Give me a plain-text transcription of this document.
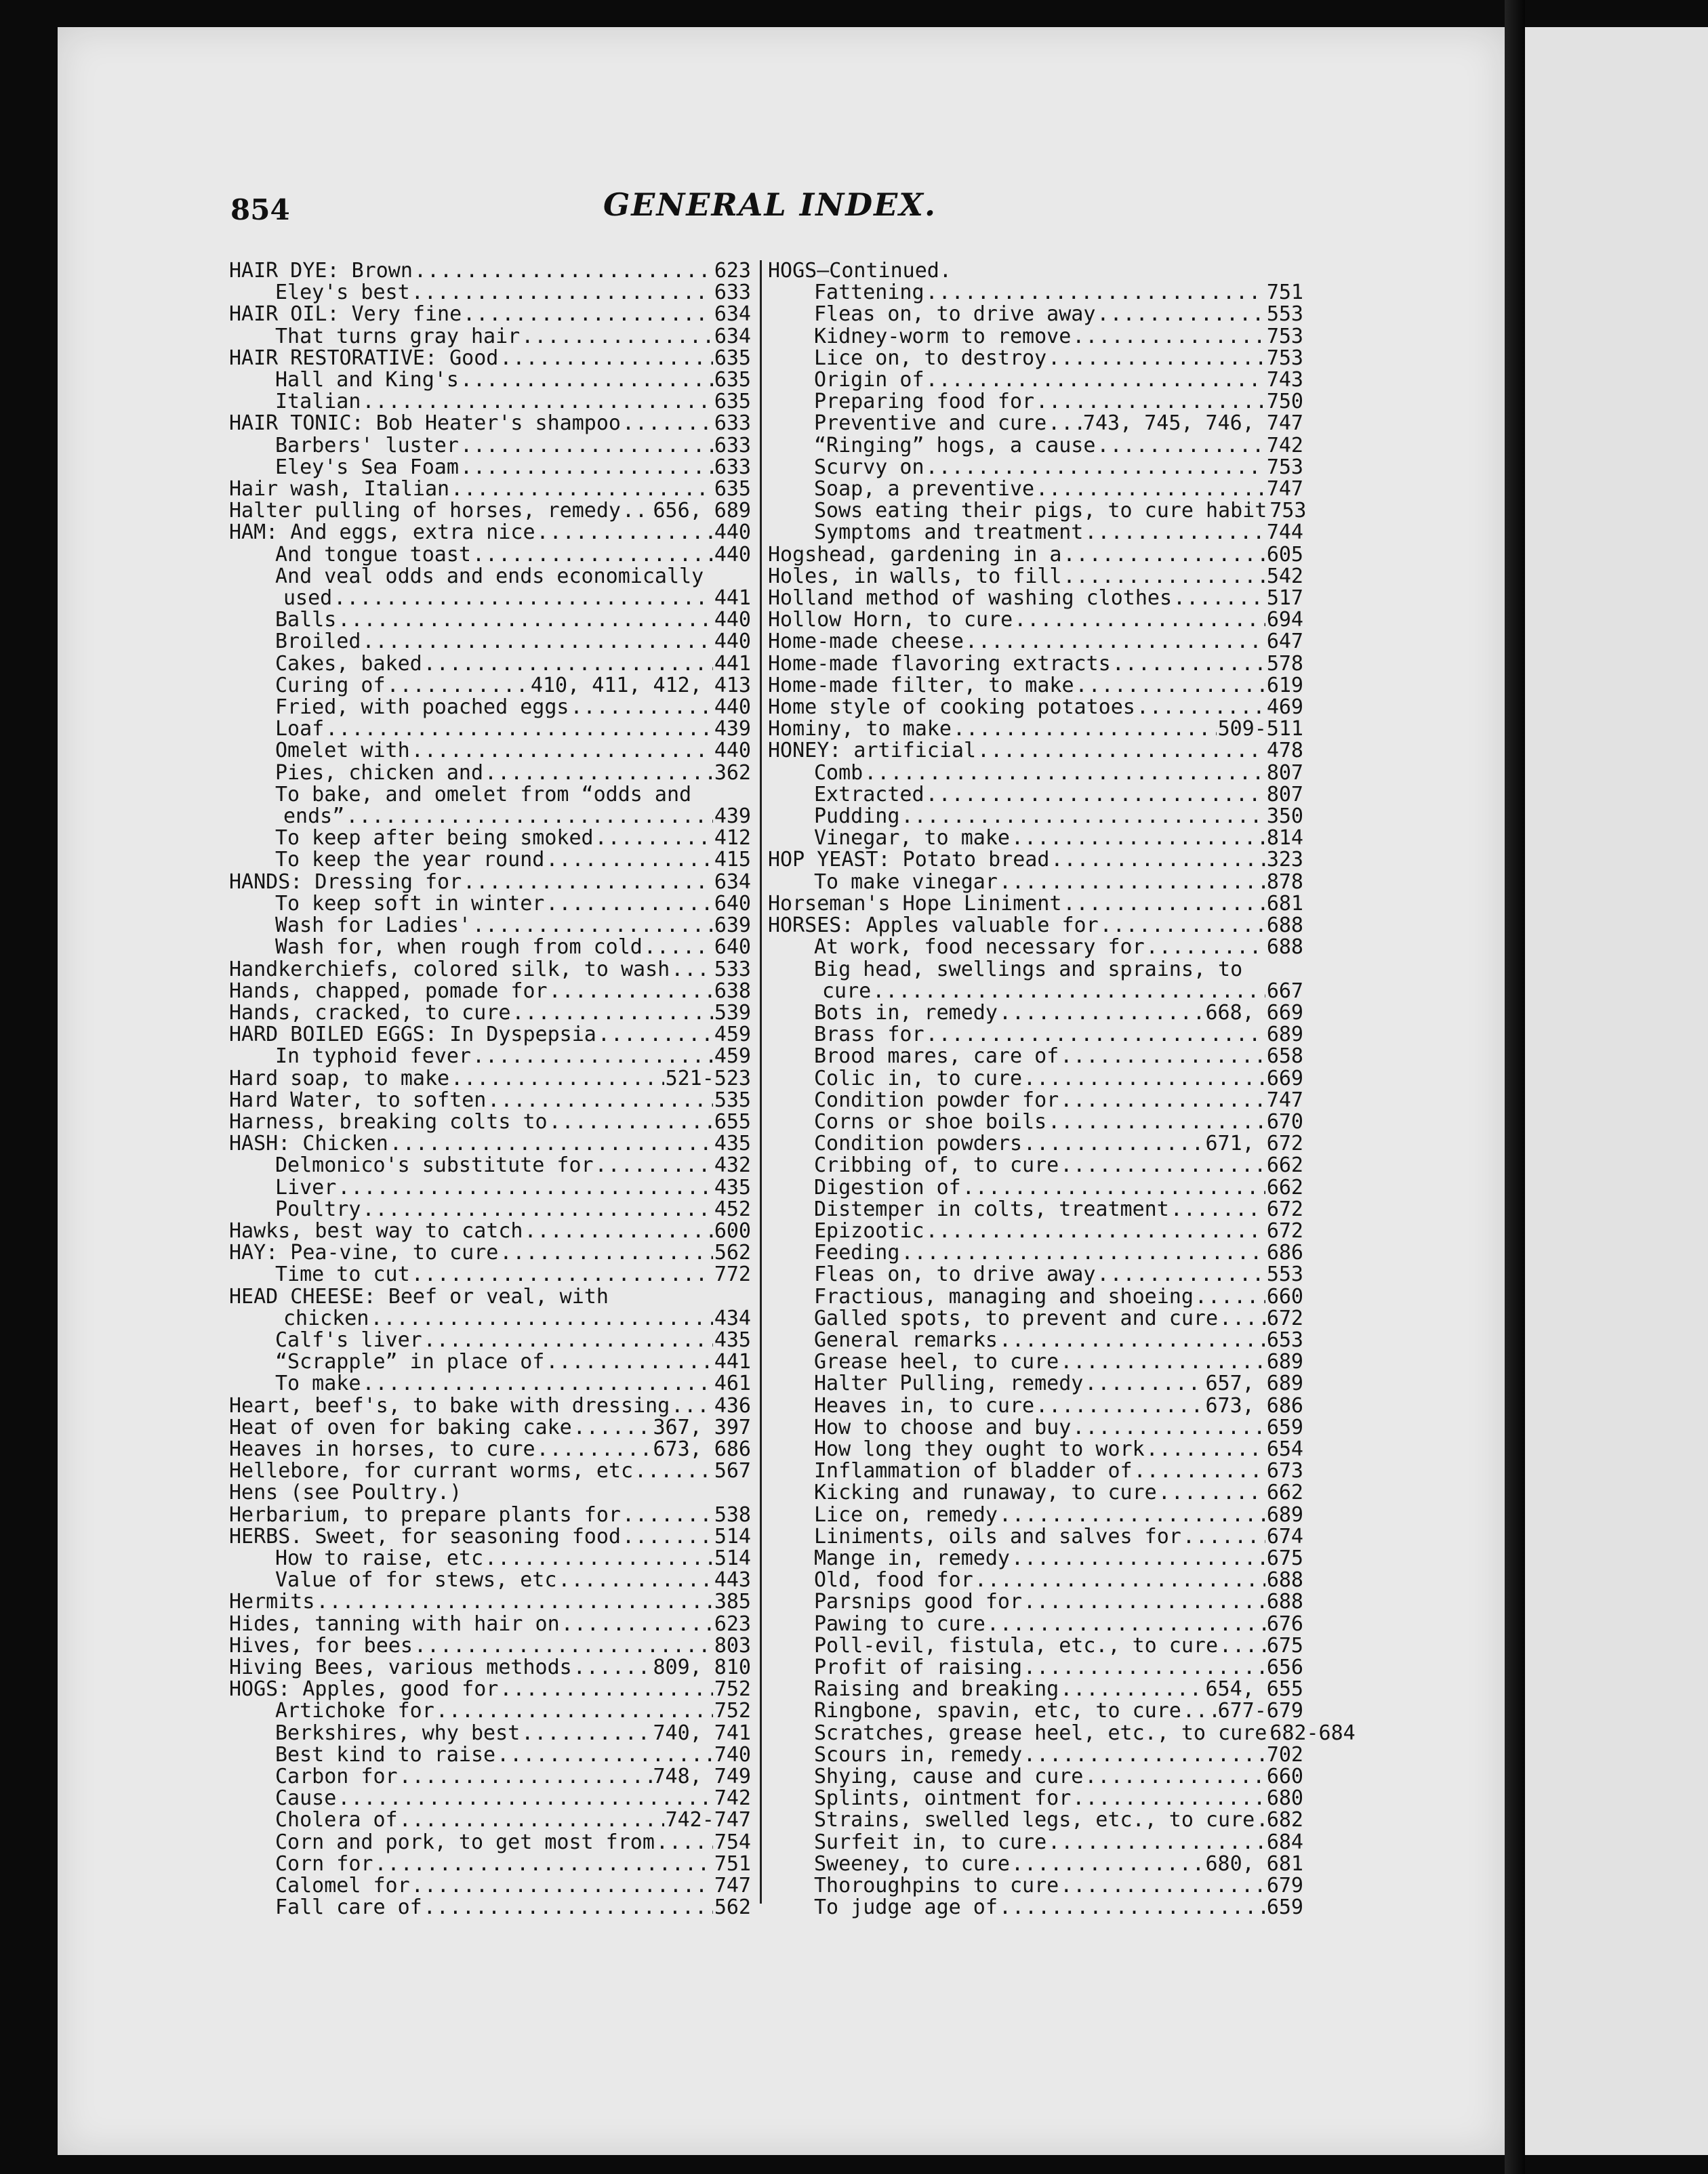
854	GENERAL INDEX.
HAIR DYE: Brown .....	623
Eley's best .....	633
HAIR OIL: Very fine .....	634
That turns gray hair .....	634
HAIR RESTORATIVE: Good .....	635
Hall and King's .....	635
Italian .....	635
HAIR TONIC: Bob Heater's shampoo .....	633
Barbers' luster .....	633
Eley's Sea Foam .....	633
Hair wash, Italian .....	635
Halter pulling of horses, remedy ..... 656, 689
HAM: And eggs, extra nice .....	440
And tongue toast .....	440
And veal odds and ends economically
used .....	441
Balls .....	440
Broiled .....	440
Cakes, baked .....	441
Curing of .....	410, 411, 412, 413
Fried, with poached eggs .....	440
Loaf .....	439
Omelet with .....	440
Pies, chicken and .....	362
To bake, and omelet from “odds and
ends” .....	439
To keep after being smoked .....	412
To keep the year round .....	415
HANDS: Dressing for .....	634
To keep soft in winter .....	640
Wash for Ladies' .....	639
Wash for, when rough from cold .....	640
Handkerchiefs, colored silk, to wash ..... 533
Hands, chapped, pomade for .....	638
Hands, cracked, to cure .....	539
HARD BOILED EGGS: In Dyspepsia .....	459
In typhoid fever .....	459
Hard soap, to make .....	521-523
Hard Water, to soften .....	535
Harness, breaking colts to .....	655
HASH: Chicken .....	435
Delmonico's substitute for .....	432
Liver .....	435
Poultry .....	452
Hawks, best way to catch .....	600
HAY: Pea-vine, to cure .....	562
Time to cut .....	772
HEAD CHEESE: Beef or veal, with
chicken .....	434
Calf's liver .....	435
“Scrapple” in place of .....	441
To make .....	461
Heart, beef's, to bake with dressing ..... 436
Heat of oven for baking cake .....	367, 397
Heaves in horses, to cure .....	673, 686
Hellebore, for currant worms, etc .....	567
Hens (see Poultry.)
Herbarium, to prepare plants for .....	538
HERBS. Sweet, for seasoning food .....	514
How to raise, etc .....	514
Value of for stews, etc .....	443
Hermits .....	385
Hides, tanning with hair on .....	623
Hives, for bees .....	803
Hiving Bees, various methods .....	809, 810
HOGS: Apples, good for .....	752
Artichoke for .....	752
Berkshires, why best .....	740, 741
Best kind to raise .....	740
Carbon for .....	748, 749
Cause .....	742
Cholera of .....	742-747
Corn and pork, to get most from .....	754
Corn for .....	751
Calomel for .....	747
Fall care of .....	562
HOGS—Continued.
Fattening .....	751
Fleas on, to drive away .....	553
Kidney-worm to remove .....	753
Lice on, to destroy .....	753
Origin of .....	743
Preparing food for .....	750
Preventive and cure ..... 743, 745, 746, 747
“Ringing” hogs, a cause .....	742
Scurvy on .....	753
Soap, a preventive .....	747
Sows eating their pigs, to cure habit 753
Symptoms and treatment .....	744
Hogshead, gardening in a .....	605
Holes, in walls, to fill .....	542
Holland method of washing clothes .....	517
Hollow Horn, to cure .....	694
Home-made cheese .....	647
Home-made flavoring extracts .....	578
Home-made filter, to make .....	619
Home style of cooking potatoes .....	469
Hominy, to make .....	509-511
HONEY: artificial .....	478
Comb .....	807
Extracted .....	807
Pudding .....	350
Vinegar, to make .....	814
HOP YEAST: Potato bread .....	323
To make vinegar .....	878
Horseman's Hope Liniment .....	681
HORSES: Apples valuable for .....	688
At work, food necessary for .....	688
Big head, swellings and sprains, to
cure .....	667
Bots in, remedy .....	668, 669
Brass for .....	689
Brood mares, care of .....	658
Colic in, to cure .....	669
Condition powder for .....	747
Corns or shoe boils .....	670
Condition powders .....	671, 672
Cribbing of, to cure .....	662
Digestion of .....	662
Distemper in colts, treatment .....	672
Epizootic .....	672
Feeding .....	686
Fleas on, to drive away .....	553
Fractious, managing and shoeing .....	660
Galled spots, to prevent and cure ..... 672
General remarks .....	653
Grease heel, to cure .....	689
Halter Pulling, remedy .....	657, 689
Heaves in, to cure .....	673, 686
How to choose and buy .....	659
How long they ought to work .....	654
Inflammation of bladder of .....	673
Kicking and runaway, to cure .....	662
Lice on, remedy .....	689
Liniments, oils and salves for .....	674
Mange in, remedy .....	675
Old, food for .....	688
Parsnips good for .....	688
Pawing to cure .....	676
Poll-evil, fistula, etc., to cure ..... 675
Profit of raising .....	656
Raising and breaking .....	654, 655
Ringbone, spavin, etc, to cure ..... 677-679
Scratches, grease heel, etc., to cure 682-684
Scours in, remedy .....	702
Shying, cause and cure .....	660
Splints, ointment for .....	680
Strains, swelled legs, etc., to cure ..... 682
Surfeit in, to cure .....	684
Sweeney, to cure .....	680, 681
Thoroughpins to cure .....	679
To judge age of .....	659
